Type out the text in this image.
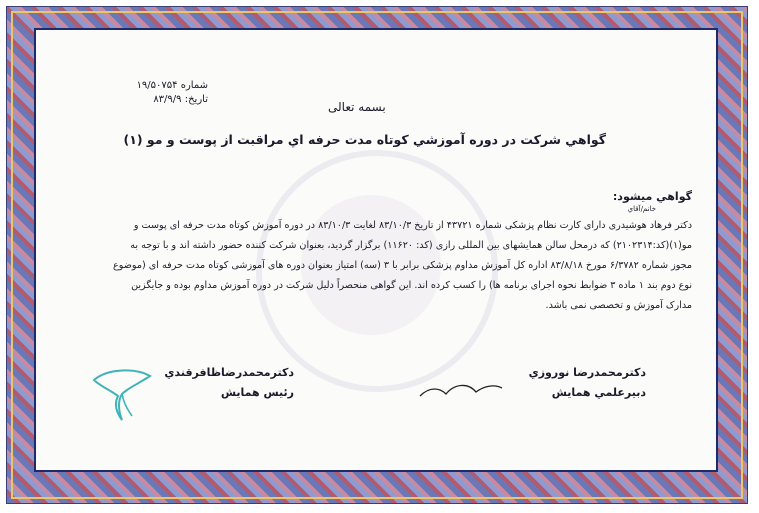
شماره ۱۹/۵۰۷۵۴
تاریخ: ۸۳/۹/۹
بسمه تعالی
گواهي شركت در دوره آموزشي كوتاه مدت حرفه اي مراقبت از پوست و مو (۱)
گواهي ميشود:
خانم/آقاي
دکتر فرهاد هوشیدری دارای کارت نظام پزشکی شماره ۴۳۷۲۱ از تاریخ ۸۳/۱۰/۳ لغایت ۸۳/۱۰/۳ در دوره آموزش کوتاه مدت حرفه ای پوست و
مو(۱)(کد:۲۱۰۲۳۱۴) که درمحل سالن همایشهای بین المللی رازی (کد: ۱۱۶۲۰) برگزار گردید، بعنوان شرکت کننده حضور داشته اند و با توجه به
مجوز شماره ۶/۳۷۸۲ مورخ ۸۳/۸/۱۸ اداره کل آموزش مداوم پزشکی برابر با ۳ (سه) امتیاز بعنوان دوره های آموزشی کوتاه مدت حرفه ای (موضوع
نوع دوم بند ۱ ماده ۳ ضوابط نحوه اجرای برنامه ها) را کسب کرده اند. این گواهی منحصراً دلیل شرکت در دوره آموزش مداوم بوده و جایگزین
مدارک آموزش و تخصصی نمی باشد.
دکترمحمدرضاظافرقندي
رئيس همايش
دکترمحمدرضا نوروزي
دبيرعلمي همايش
